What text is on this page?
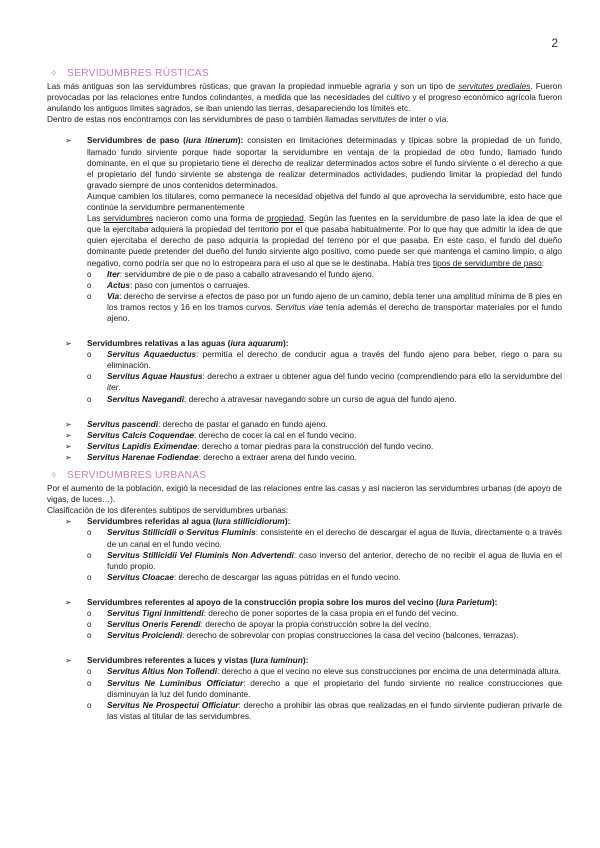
2
✧ SERVIDUMBRES RÚSTICAS

Las más antiguas son las servidumbres rústicas, que gravan la propiedad inmueble agraria y son un tipo de servitutes prediales. Fueron provocadas por las relaciones entre fundos colindantes, a medida que las necesidades del cultivo y el progreso económico agrícola fueron anulando los antiguos límites sagrados, se iban uniendo las tierras, desapareciendo los límites etc.

Dentro de estas nos encontramos con las servidumbres de paso o también llamadas servitutes de inter o vía.

➢ Servidumbres de paso (iura itinerum): consisten en limitaciones determinadas y típicas sobre la propiedad de un fundo, llamado fundo sirviente porque hade soportar la servidumbre en ventaja de la propiedad de otro fundo, llamado fundo dominante, en el que su propietario tiene el derecho de realizar determinados actos sobre el fundo sirviente o el derecho a que el propietario del fundo sirviente se abstenga de realizar determinados actividades, pudiendo limitar la propiedad del fundo gravado siempre de unos contenidos determinados.

Aunque cambien los titulares, como permanece la necesidad objetiva del fundo al que aprovecha la servidumbre, esto hace que continúe la servidumbre permanentemente

Las servidumbres nacieron como una forma de propiedad. Según las fuentes en la servidumbre de paso late la idea de que el que la ejercitaba adquiera la propiedad del territorio por el que pasaba habitualmente. Por lo que hay que admitir la idea de que quien ejercitaba el derecho de paso adquiría la propiedad del terreno por el que pasaba. En este caso, el fundo del dueño dominante puede pretender del dueño del fundo sirviente algo positivo, como puede ser que mantenga el camino limpio, o algo negativo, como podría ser que no lo estropeara para el uso al que se le destinaba. Había tres tipos de servidumbre de paso:

o Iter: servidumbre de pie o de paso a caballo atravesando el fundo ajeno.
o Actus: paso con jumentos o carruajes.
o Via: derecho de servirse a efectos de paso por un fundo ajeno de un camino, debía tener una amplitud mínima de 8 pies en los tramos rectos y 16 en los tramos curvos. Servitus viae tenía además el derecho de transportar materiales por el fundo ajeno.
➢ Servidumbres relativas a las aguas (iura aquarum):

o Servitus Aquaeductus: permitía el derecho de conducir agua a través del fundo ajeno para beber, riego o para su eliminación.
o Servitus Aquae Haustus: derecho a extraer u obtener agua del fundo vecino (comprendiendo para ello la servidumbre del iter.
o Servitus Navegandi: derecho a atravesar navegando sobre un curso de agua del fundo ajeno.
➢ Servitus pascendi: derecho de pastar el ganado en fundo ajeno.
➢ Servitus Calcis Coquendae: derecho de cocer la cal en el fundo vecino.
➢ Servitus Lapidis Eximendae: derecho a tomar piedras para la construcción del fundo vecino.
➢ Servitus Harenae Fodiendae: derecho a extraer arena del fundo vecino.
✧ SERVIDUMBRES URBANAS

Por el aumento de la población, exigió la necesidad de las relaciones entre las casas y así nacieron las servidumbres urbanas (de apoyo de vigas, de luces…).

Clasificación de los diferentes subtipos de servidumbres urbanas:

➢ Servidumbres referidas al agua (Iura stillicidiorum):

o Servitus Stillicidii o Servitus Fluminis: consistente en el derecho de descargar el agua de lluvia, directamente o a través de un canal en el fundo vecino.
o Servitus Stillicidii Vel Fluminis Non Advertendi: caso inverso del anterior, derecho de no recibir el agua de lluvia en el fundo propio.
o Servitus Cloacae: derecho de descargar las aguas pútridas en el fundo vecino.
➢ Servidumbres referentes al apoyo de la construcción propia sobre los muros del vecino (Iura Parietum):

o Servitus Tigni Inmittendi: derecho de poner soportes de la casa propia en el fundo del vecino.
o Servitus Oneris Ferendi: derecho de apoyar la propia construcción sobre la del vecino.
o Servitus Proiciendi: derecho de sobrevolar con propias construcciones la casa del vecino (balcones, terrazas).
➢ Servidumbres referentes a luces y vistas (Iura luminun):

o Servitus Altius Non Tollendi: derecho a que el vecino no eleve sus construcciones por encima de una determinada altura.
o Servitus Ne Luminibus Officiatur: derecho a que el propietario del fundo sirviente no realice construcciones que disminuyan la luz del fundo dominante.
o Servitus Ne Prospectui Officiatur: derecho a prohibir las obras que realizadas en el fundo sirviente pudieran privarle de las vistas al titular de las servidumbres.
